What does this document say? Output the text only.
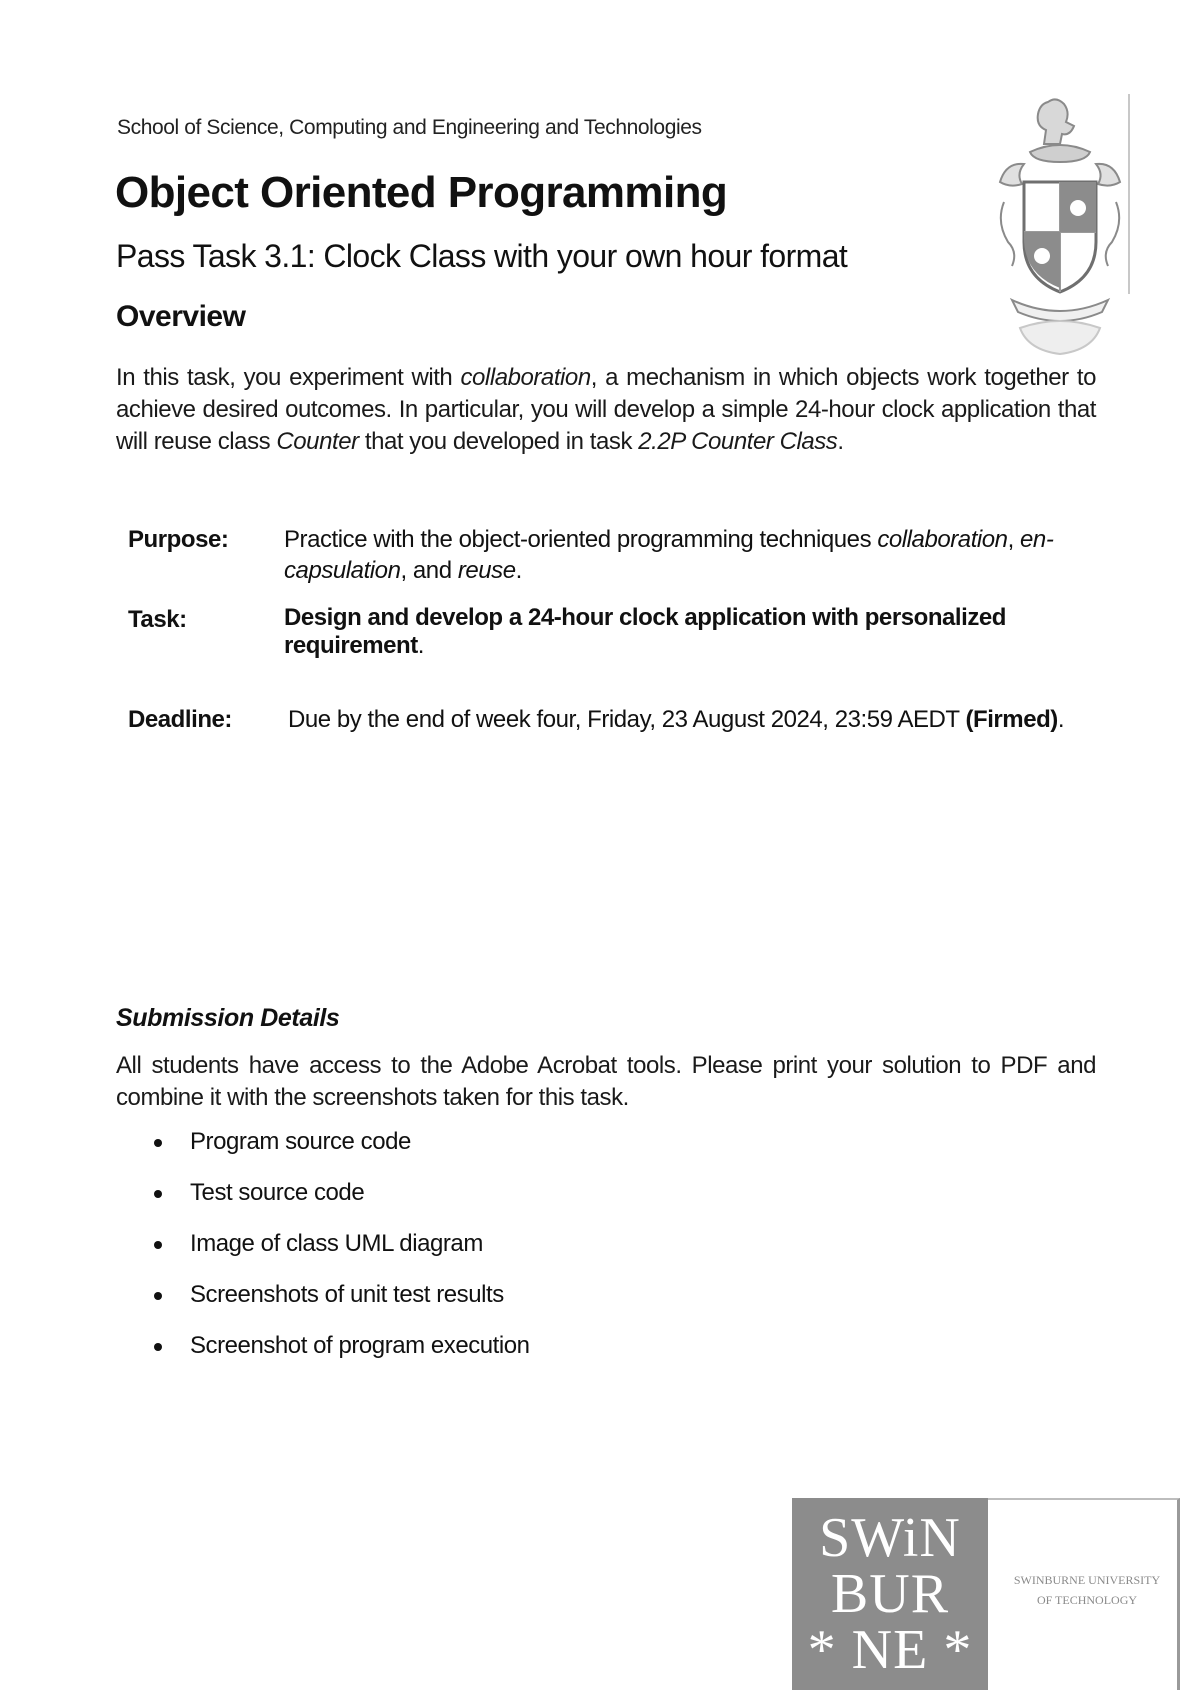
School of Science, Computing and Engineering and Technologies
Object Oriented Programming
Pass Task 3.1: Clock Class with your own hour format
Overview
In this task, you experiment with collaboration, a mechanism in which objects work together to achieve desired outcomes. In particular, you will develop a simple 24-hour clock application that will reuse class Counter that you developed in task 2.2P Counter Class.
Purpose: Practice with the object-oriented programming techniques collaboration, en-capsulation, and reuse.
Task:	Design and develop a 24-hour clock application with personalized requirement.
Deadline: Due by the end of week four, Friday, 23 August 2024, 23:59 AEDT (Firmed).
Submission Details
All students have access to the Adobe Acrobat tools. Please print your solution to PDF and combine it with the screenshots taken for this task.
Program source code
Test source code
Image of class UML diagram
Screenshots of unit test results
Screenshot of program execution
SWiN
BUR
* NE *
SWINBURNE UNIVERSITY
OF TECHNOLOGY
